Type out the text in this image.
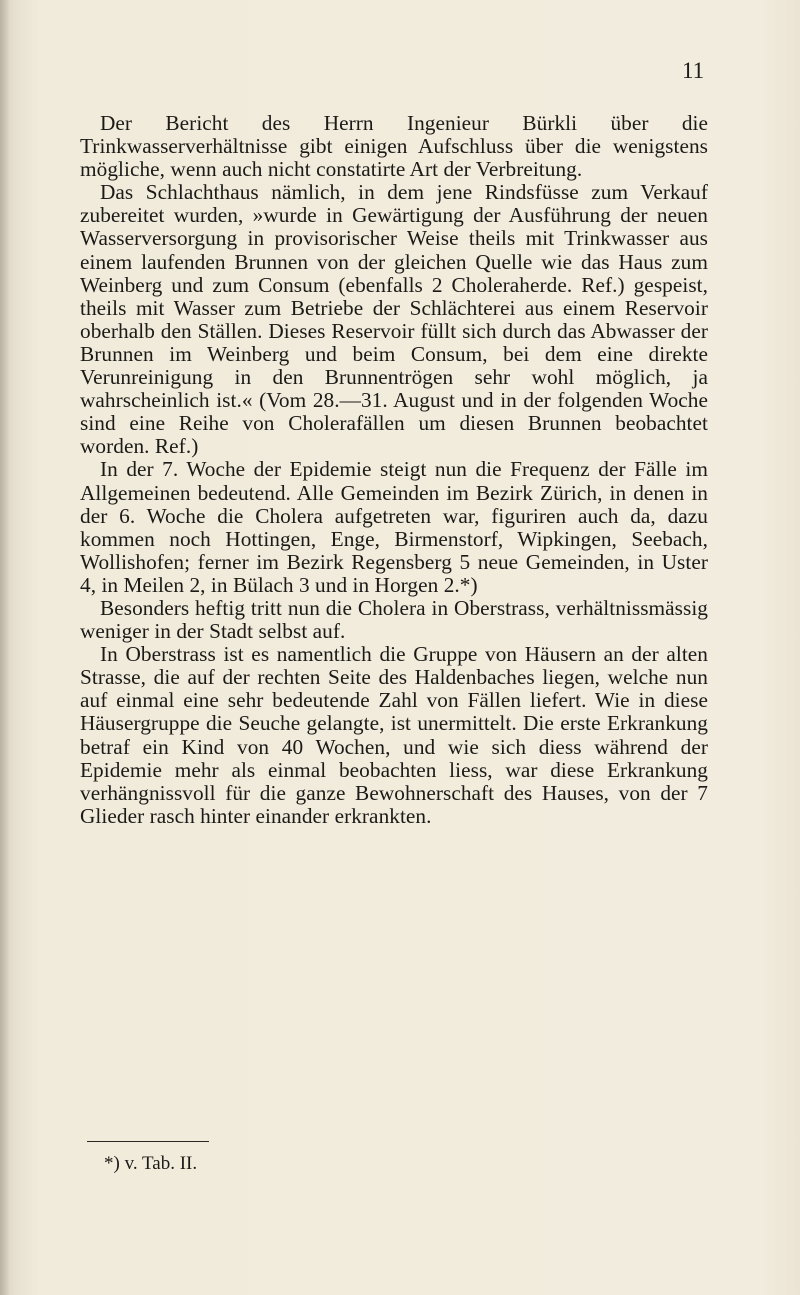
11

Der Bericht des Herrn Ingenieur Bürkli über die Trinkwasserverhältnisse gibt einigen Aufschluss über die wenigstens mögliche, wenn auch nicht constatirte Art der Verbreitung.

Das Schlachthaus nämlich, in dem jene Rindsfüsse zum Verkauf zubereitet wurden, »wurde in Gewärtigung der Ausführung der neuen Wasserversorgung in provisorischer Weise theils mit Trinkwasser aus einem laufenden Brunnen von der gleichen Quelle wie das Haus zum Weinberg und zum Consum (ebenfalls 2 Choleraherde. Ref.) gespeist, theils mit Wasser zum Betriebe der Schlächterei aus einem Reservoir oberhalb den Ställen. Dieses Reservoir füllt sich durch das Abwasser der Brunnen im Weinberg und beim Consum, bei dem eine direkte Verunreinigung in den Brunnentrögen sehr wohl möglich, ja wahrscheinlich ist.« (Vom 28.—31. August und in der folgenden Woche sind eine Reihe von Cholerafällen um diesen Brunnen beobachtet worden. Ref.)

In der 7. Woche der Epidemie steigt nun die Frequenz der Fälle im Allgemeinen bedeutend. Alle Gemeinden im Bezirk Zürich, in denen in der 6. Woche die Cholera aufgetreten war, figuriren auch da, dazu kommen noch Hottingen, Enge, Birmenstorf, Wipkingen, Seebach, Wollishofen; ferner im Bezirk Regensberg 5 neue Gemeinden, in Uster 4, in Meilen 2, in Bülach 3 und in Horgen 2.*)

Besonders heftig tritt nun die Cholera in Oberstrass, verhältnissmässig weniger in der Stadt selbst auf.

In Oberstrass ist es namentlich die Gruppe von Häusern an der alten Strasse, die auf der rechten Seite des Haldenbaches liegen, welche nun auf einmal eine sehr bedeutende Zahl von Fällen liefert. Wie in diese Häusergruppe die Seuche gelangte, ist unermittelt. Die erste Erkrankung betraf ein Kind von 40 Wochen, und wie sich diess während der Epidemie mehr als einmal beobachten liess, war diese Erkrankung verhängnissvoll für die ganze Bewohnerschaft des Hauses, von der 7 Glieder rasch hinter einander erkrankten.

*) v. Tab. II.
